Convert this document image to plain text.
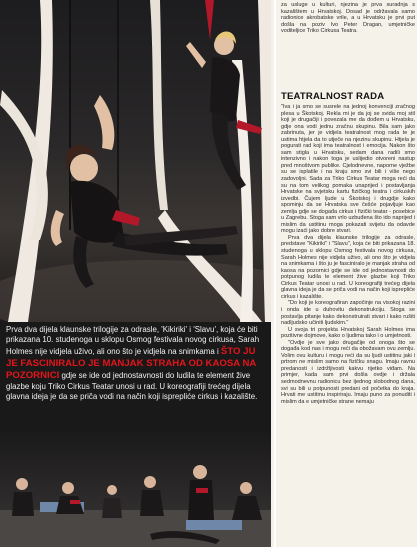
Prva dva dijela klaunske trilogije za odrasle, 'Kikiriki' i 'Slavu', koja će biti prikazana 10. studenoga u sklopu Osmog festivala novog cirkusa, Sarah Holmes nije vidjela uživo, ali ono što je vidjela na snimkama i ŠTO JU JE FASCINIRALO JE MANJAK STRAHA OD KAOSA NA POZORNICI gdje se ide od jednostavnosti do ludila te element žive glazbe koju Triko Cirkus Teatar unosi u rad. U koreografiji trećeg dijela glavna ideja je da se priča vodi na način koji isprepliće cirkus i kazalište.

za usluge u kulturi, njezina je prva suradnja s kazalištem u Hrvatskoj. Dosad je održavala samo radionice akrobatske vrile, a u Hrvatsku je prvi put došla na poziv Ivo Peter Dragan, umjetničke voditeljice Triko Cirkusa Teatra.

TEATRALNOST RADA

"Iva i ja smo se susrele na jednoj konvenciji zračnog plesa u Škotskoj. Rekla mi je da joj se svida moj stil koji je drugačiji i povezala me da dođem u Hrvatsku, gdje ona vodi jednu zračnu skupinu. Bila sam jako zabrinuta, jer je vidjela teatralnost mog rada te je ustima htjela da to utječe na njezinu skupinu. Htjela je pogurati rad koji ima teatralnost i emocija. Nakon što sam stigla u Hrvatsku, sedam dana radili smo intenzivno i nakon toga je uslijedio otvoreni nastup pred mnoštvom publike. Cjelodnevne, naporne vježbe su se isplatile i na kraju smo svi bili i više nego zadovoljni. Sada za Triko Cirkus Teatar moga reći da su na tom velikog pomaka unaprijed i postavljanja Hrvatske na svjetsku kartu fizičkog teatra i cirkuskih izvedbi. Čujem ljude u Škotskoj i drugdje kako spominju da se Hrvatska sve češće pojavljuje kao zemlja gdje se događa cirkus i fizički teatar - posebice u Zagrebu. Stoga sam vrlo uzbuđena što ido naprijed i mislim da ustitinu moga pokazati svijetu da odavde mogu izaći jako dobre stvari.

Prva dva dijela klaunske trilogije za odrasle, predstave "Kikiriki" i "Slavu", koja će biti prikazana 18. studenoga u sklopu Osmog festivala novog cirkusa, Sarah Holmes nije vidjela uživo, ali ono što je vidjela na snimkama i što ju je fasciniralo je manjak straha od kaosa na pozornici gdje se ide od jednostavnosti do potpunog ludila te element žive glazbe koji Triko Cirkus Teatar unosi u rad. U koreografiji trećeg dijela glavna ideja je da se priča vodi na način koji isprepliće cirkus i kazalište.

"Do koji je koreografiran započinje na visokoj razini i onda ide u duhovitu dekonstrukciju. Stoga se postavlja pitanje kako dekonstruirati stvari i kako rušiti nadljudsko učiniti ljudskim."

U svoja tri projekta Hrvatskoj Sarah Holmes ima pozitivne dojmove, kako o ljudima tako i o umjetnosti.

"Ovdje je sve jako drugačije od onoga što se događa kod nas i mogu reći da obožavam ovu zemlju. Volim ovu kulturu i mogu reći da su ljudi ustitinu jaki i prtrom ne mislim samo na fizičku snagu. Imaju ravnu predanosti i izdržljivosti kakvu rijetko viđam. Na primjer, kada sam prvi došla ovdje i držala sedmodnevnu radionicu bez ijednog slobodnog dana, svi su bili u potpunosti predani od početka do kraja. Hrvati me ustitinu inspiriraju. Imaju puno za ponuditi i mislim da e umjetničke strane nemaju
